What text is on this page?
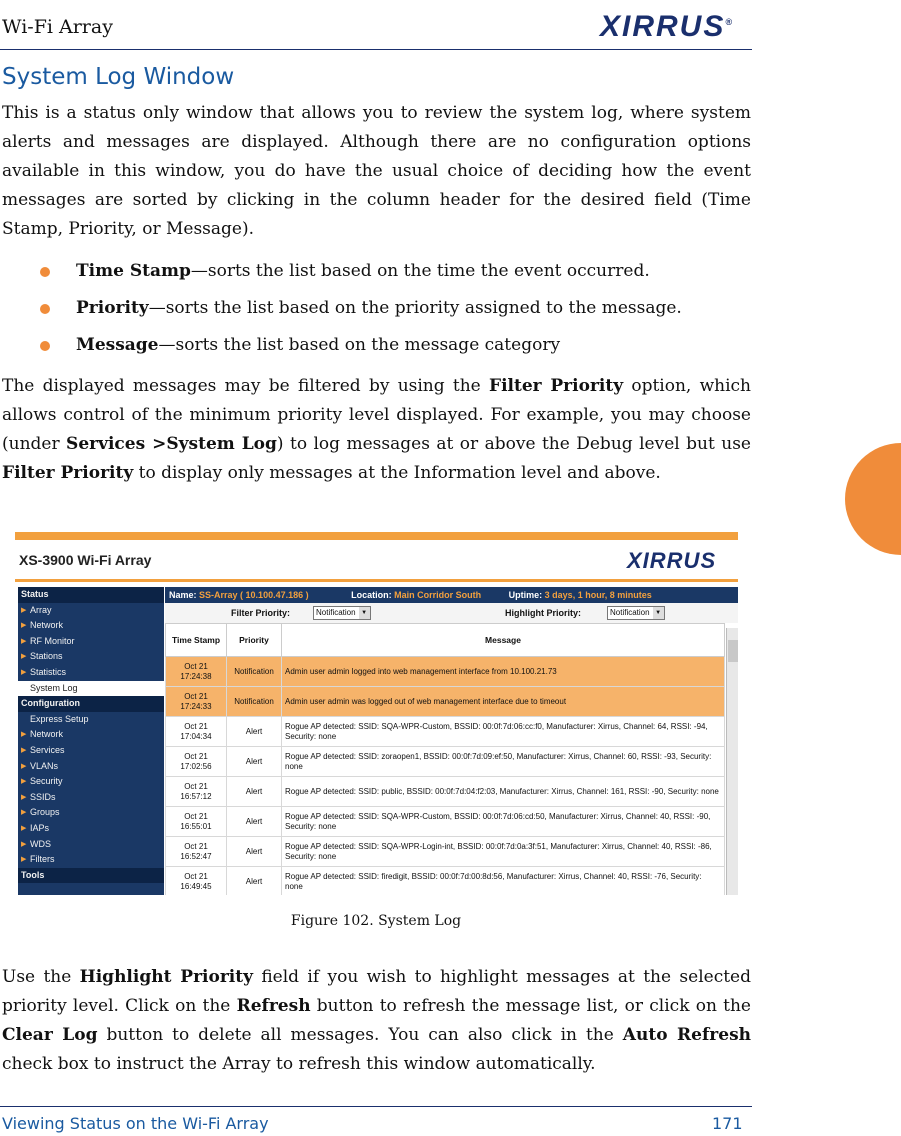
Wi-Fi Array	XIRRUS®
System Log Window
This is a status only window that allows you to review the system log, where system alerts and messages are displayed. Although there are no configuration options available in this window, you do have the usual choice of deciding how the event messages are sorted by clicking in the column header for the desired field (Time Stamp, Priority, or Message).
Time Stamp—sorts the list based on the time the event occurred.
Priority—sorts the list based on the priority assigned to the message.
Message—sorts the list based on the message category
The displayed messages may be filtered by using the Filter Priority option, which allows control of the minimum priority level displayed. For example, you may choose (under Services >System Log) to log messages at or above the Debug level but use Filter Priority to display only messages at the Information level and above.
XS-3900 Wi-Fi Array	XIRRUS
Status
▶ Array
▶ Network
▶ RF Monitor
▶ Stations
▶ Statistics
System Log
Configuration
Express Setup
▶ Network
▶ Services
▶ VLANs
▶ Security
▶ SSIDs
▶ Groups
▶ IAPs
▶ WDS
▶ Filters
Tools
Name: SS-Array ( 10.100.47.186 )	Location: Main Corridor South	Uptime: 3 days, 1 hour, 8 minutes
Filter Priority:	Notification ▼	Highlight Priority:	Notification ▼
Time Stamp	Priority	Message
Oct 21
17:24:38	Notification	Admin user admin logged into web management interface from 10.100.21.73
Oct 21
17:24:33	Notification	Admin user admin was logged out of web management interface due to timeout
Oct 21
17:04:34	Alert	Rogue AP detected: SSID: SQA-WPR-Custom, BSSID: 00:0f:7d:06:cc:f0, Manufacturer: Xirrus, Channel: 64, RSSI: -94, Security: none
Oct 21
17:02:56	Alert	Rogue AP detected: SSID: zoraopen1, BSSID: 00:0f:7d:09:ef:50, Manufacturer: Xirrus, Channel: 60, RSSI: -93, Security: none
Oct 21
16:57:12	Alert	Rogue AP detected: SSID: public, BSSID: 00:0f:7d:04:f2:03, Manufacturer: Xirrus, Channel: 161, RSSI: -90, Security: none
Oct 21
16:55:01	Alert	Rogue AP detected: SSID: SQA-WPR-Custom, BSSID: 00:0f:7d:06:cd:50, Manufacturer: Xirrus, Channel: 40, RSSI: -90, Security: none
Oct 21
16:52:47	Alert	Rogue AP detected: SSID: SQA-WPR-Login-int, BSSID: 00:0f:7d:0a:3f:51, Manufacturer: Xirrus, Channel: 40, RSSI: -86, Security: none
Oct 21
16:49:45	Alert	Rogue AP detected: SSID: firedigit, BSSID: 00:0f:7d:00:8d:56, Manufacturer: Xirrus, Channel: 40, RSSI: -76, Security: none
Figure 102. System Log
Use the Highlight Priority field if you wish to highlight messages at the selected priority level. Click on the Refresh button to refresh the message list, or click on the Clear Log button to delete all messages. You can also click in the Auto Refresh check box to instruct the Array to refresh this window automatically.
Viewing Status on the Wi-Fi Array	171
